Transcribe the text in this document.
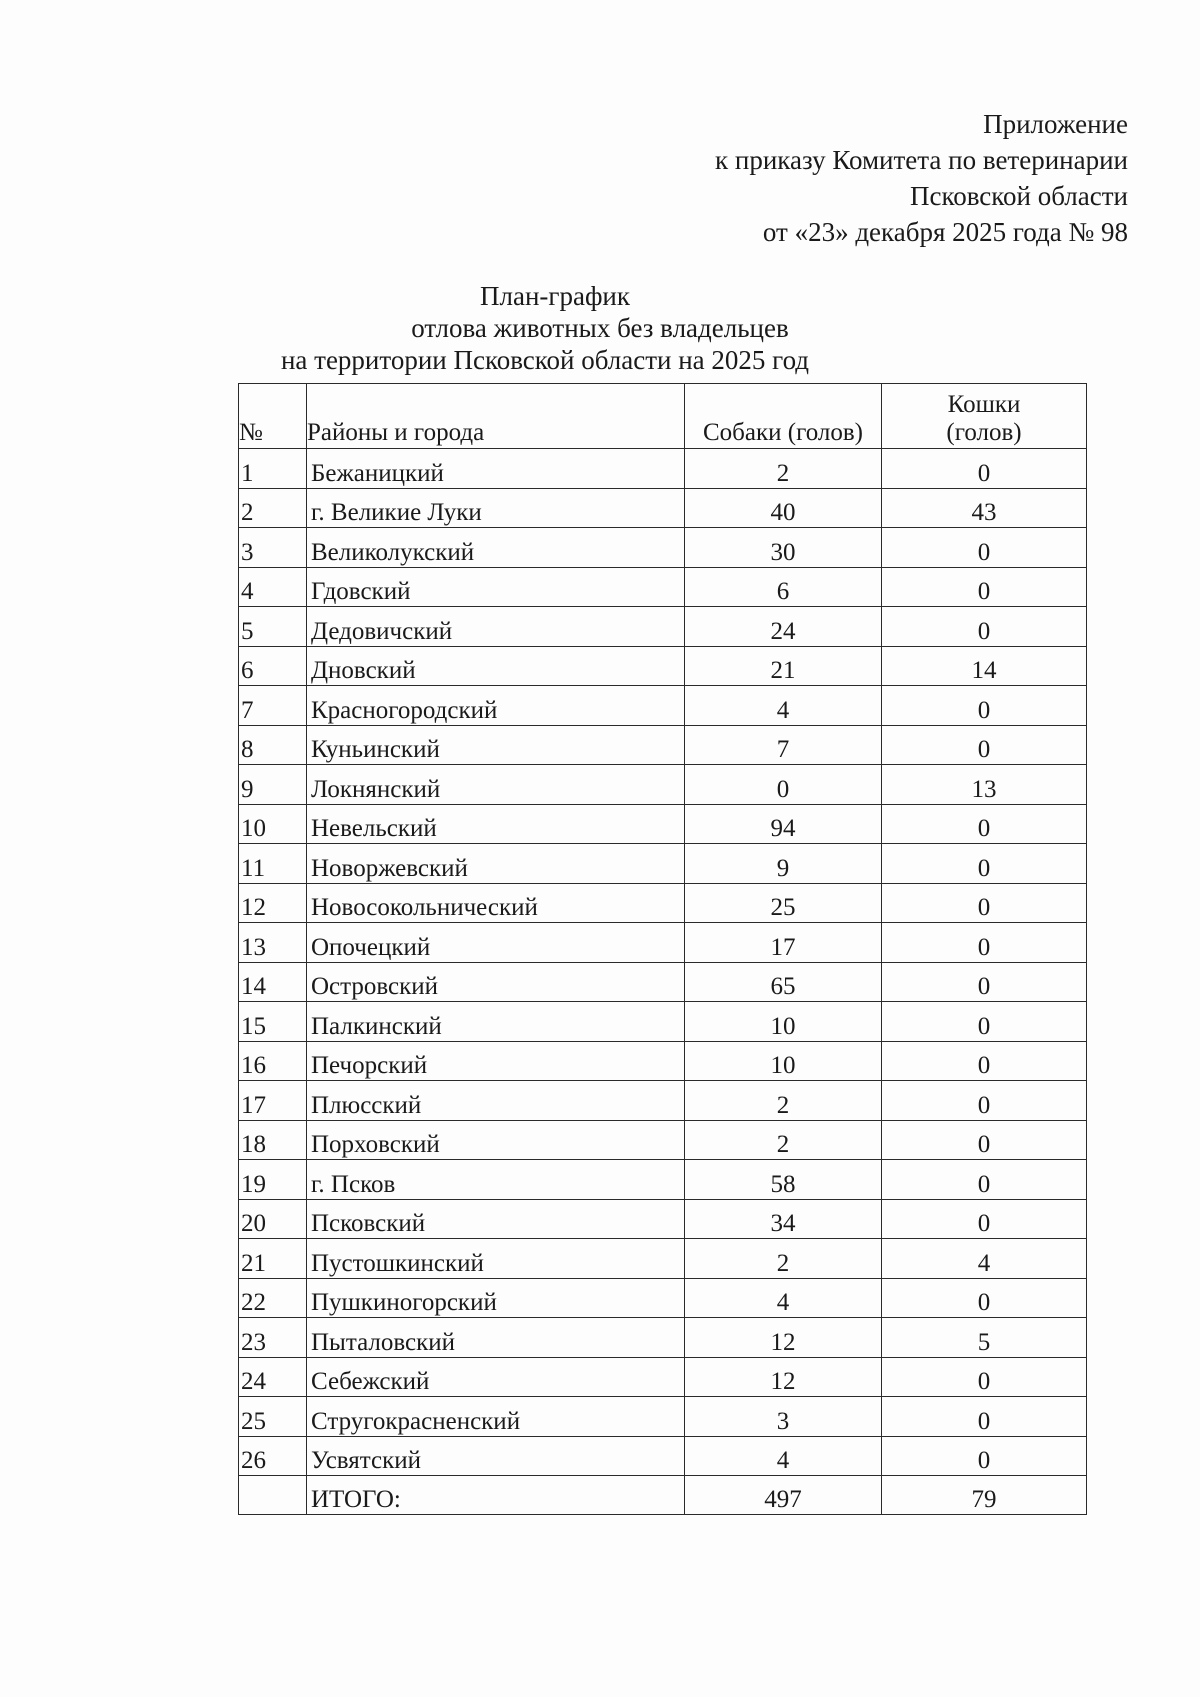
Приложение
к приказу Комитета по ветеринарии
Псковской области
от «23» декабря 2025 года № 98
План-график
отлова животных без владельцев
на территории Псковской области на 2025 год
№	Районы и города	Собаки (голов)	Кошки
(голов)

1	Бежаницкий	2	0
2	г. Великие Луки	40	43
3	Великолукский	30	0
4	Гдовский	6	0
5	Дедовичский	24	0
6	Дновский	21	14
7	Красногородский	4	0
8	Куньинский	7	0
9	Локнянский	0	13
10	Невельский	94	0
11	Новоржевский	9	0
12	Новосокольнический	25	0
13	Опочецкий	17	0
14	Островский	65	0
15	Палкинский	10	0
16	Печорский	10	0
17	Плюсский	2	0
18	Порховский	2	0
19	г. Псков	58	0
20	Псковский	34	0
21	Пустошкинский	2	4
22	Пушкиногорский	4	0
23	Пыталовский	12	5
24	Себежский	12	0
25	Стругокрасненский	3	0
26	Усвятский	4	0
	ИТОГО:	497	79
